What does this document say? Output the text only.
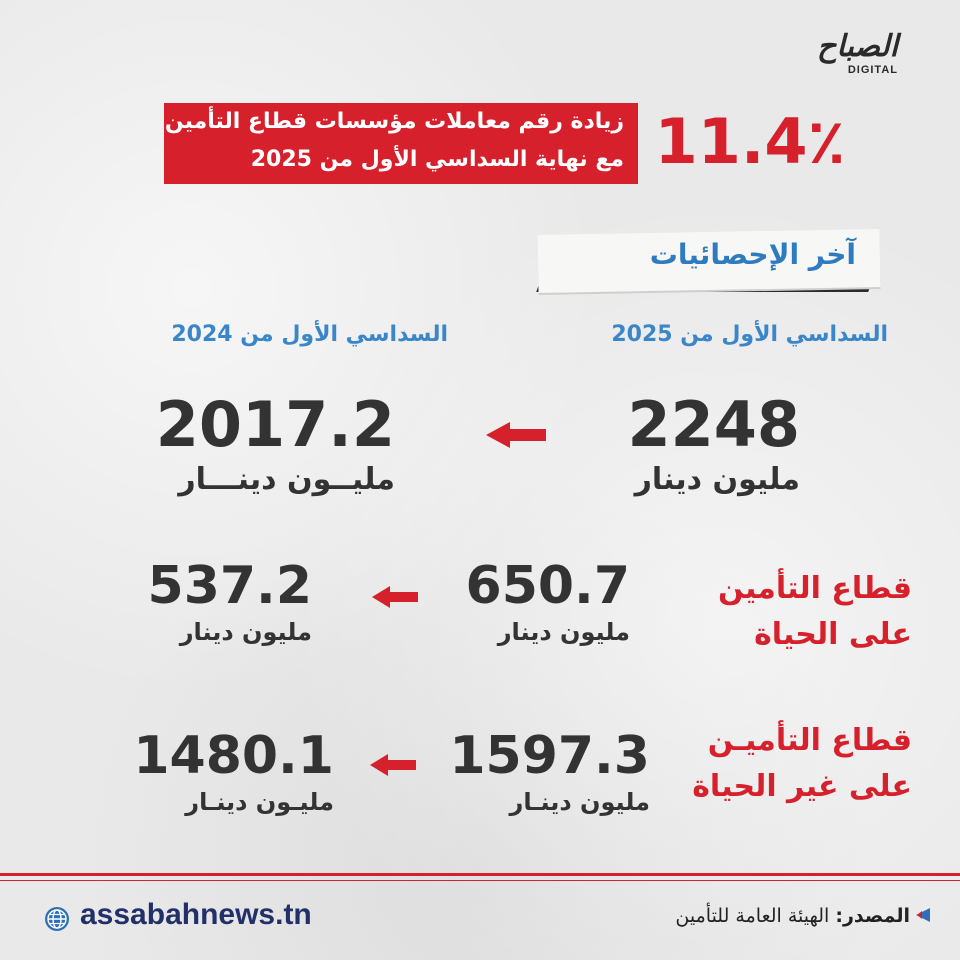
الصباح
DIGITAL
زيادة رقم معاملات مؤسسات قطاع التأمين
مع نهاية السداسي الأول من 2025 11.4٪
آخر الإحصائيات
السداسي الأول من 2025
السداسي الأول من 2024
2248
مليون دينار
2017.2
مليــون دينـــار
قطاع التأمين
على الحياة
650.7
مليون دينار
537.2
مليون دينار
قطاع التأميـن
على غير الحياة
1597.3
مليون دينـار
1480.1
مليـون دينـار
assabahnews.tn	المصدر: الهيئة العامة للتأمين
